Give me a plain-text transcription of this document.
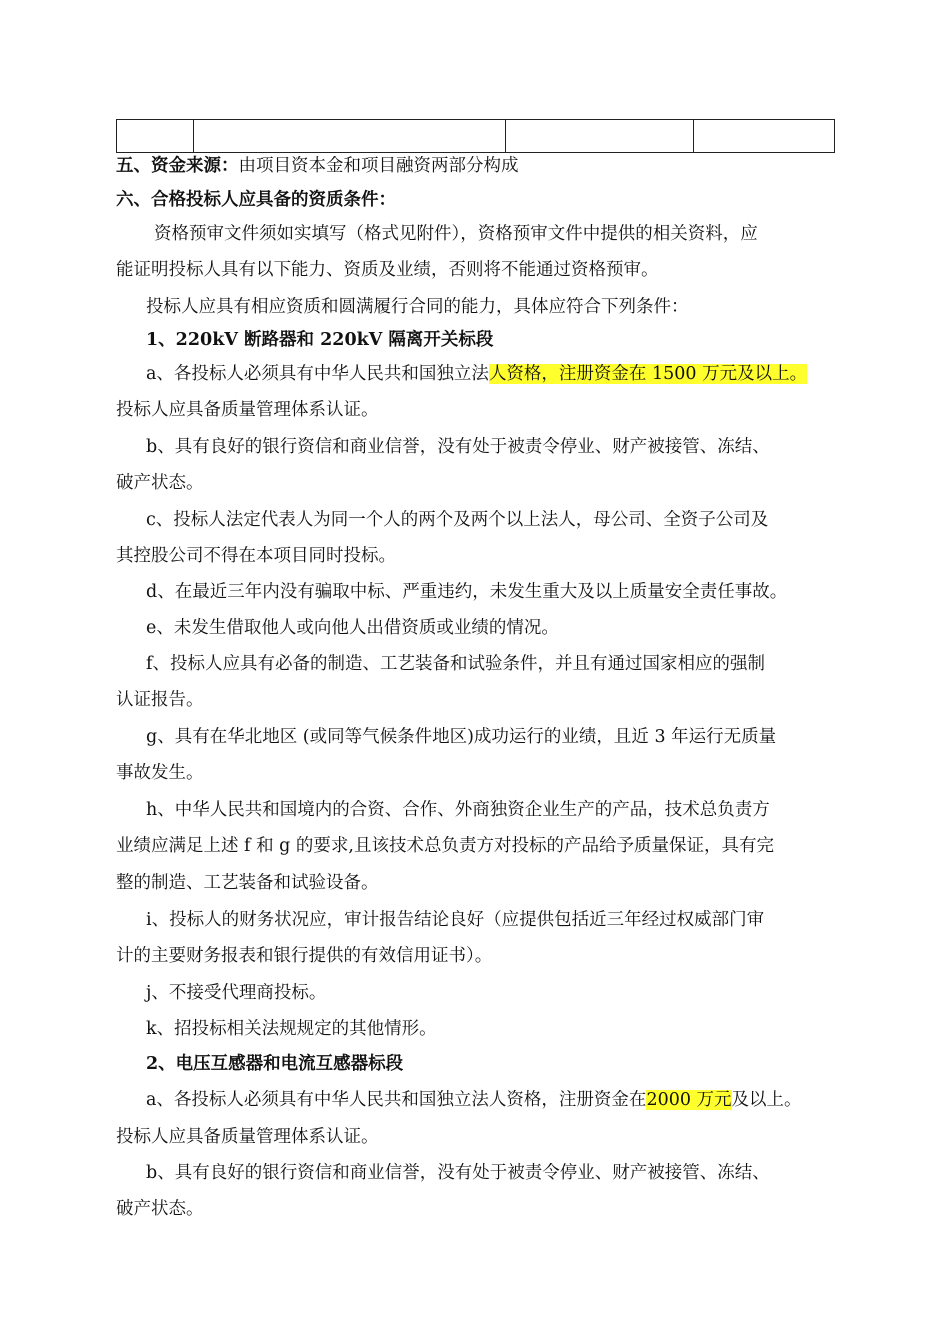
五、资金来源：由项目资本金和项目融资两部分构成
六、合格投标人应具备的资质条件：
资格预审文件须如实填写（格式见附件），资格预审文件中提供的相关资料，应
能证明投标人具有以下能力、资质及业绩，否则将不能通过资格预审。
投标人应具有相应资质和圆满履行合同的能力，具体应符合下列条件：
1、220kV 断路器和 220kV 隔离开关标段
a、各投标人必须具有中华人民共和国独立法人资格，注册资金在 1500 万元及以上。
投标人应具备质量管理体系认证。
b、具有良好的银行资信和商业信誉，没有处于被责令停业、财产被接管、冻结、
破产状态。
c、投标人法定代表人为同一个人的两个及两个以上法人，母公司、全资子公司及
其控股公司不得在本项目同时投标。
d、在最近三年内没有骗取中标、严重违约，未发生重大及以上质量安全责任事故。
e、未发生借取他人或向他人出借资质或业绩的情况。
f、投标人应具有必备的制造、工艺装备和试验条件，并且有通过国家相应的强制
认证报告。
g、具有在华北地区 (或同等气候条件地区)成功运行的业绩，且近 3 年运行无质量
事故发生。
h、中华人民共和国境内的合资、合作、外商独资企业生产的产品，技术总负责方
业绩应满足上述 f 和 g 的要求,且该技术总负责方对投标的产品给予质量保证，具有完
整的制造、工艺装备和试验设备。
i、投标人的财务状况应，审计报告结论良好（应提供包括近三年经过权威部门审
计的主要财务报表和银行提供的有效信用证书）。
j、不接受代理商投标。
k、招投标相关法规规定的其他情形。
2、电压互感器和电流互感器标段
a、各投标人必须具有中华人民共和国独立法人资格，注册资金在2000 万元及以上。
投标人应具备质量管理体系认证。
b、具有良好的银行资信和商业信誉，没有处于被责令停业、财产被接管、冻结、
破产状态。
